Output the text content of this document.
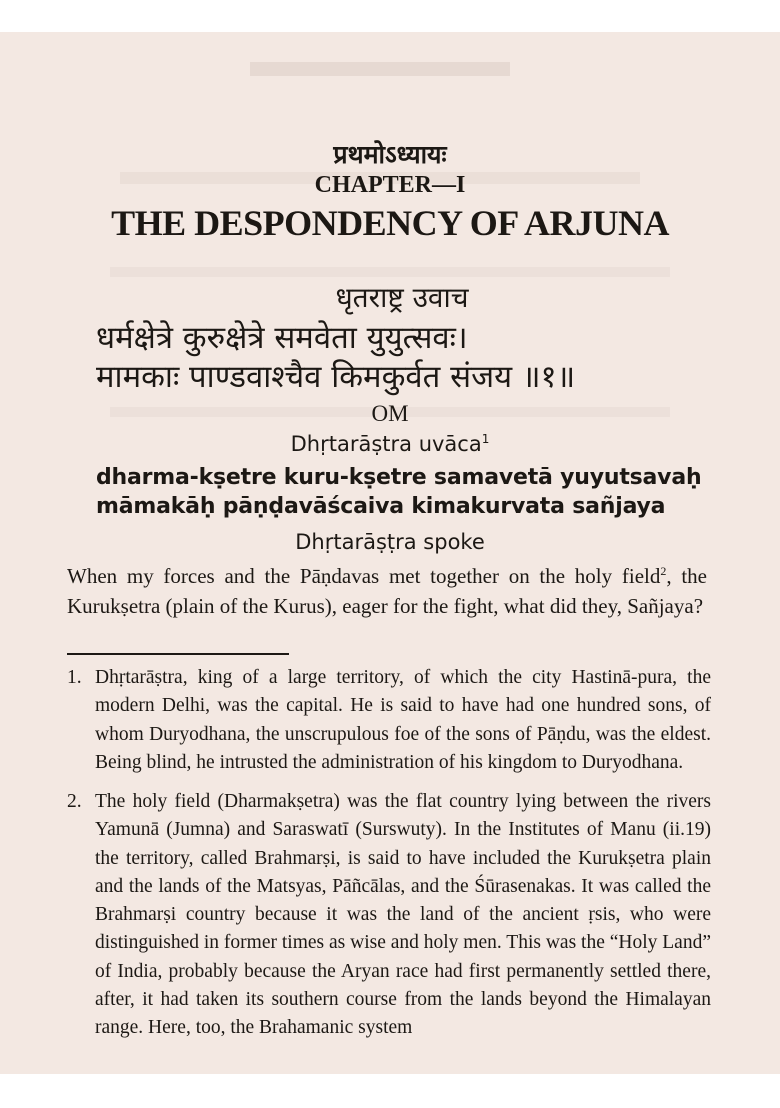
प्रथमोऽध्यायः
CHAPTER—I
THE DESPONDENCY OF ARJUNA
धृतराष्ट्र उवाच
धर्मक्षेत्रे कुरुक्षेत्रे समवेता युयुत्सवः।
मामकाः पाण्डवाश्चैव किमकुर्वत संजय ॥१॥
OM
Dhṛtarāṣtra uvāca$^1$
dharma-kṣetre kuru-kṣetre samavetā yuyutsavaḥ
māmakāḥ pāṇḍavāścaiva kimakurvata sañjaya
Dhṛtarāṣṭra spoke
When my forces and the Pāṇdavas met together on the holy field$^2$, the Kurukṣetra (plain of the Kurus), eager for the fight, what did they, Sañjaya?
1. Dhṛtarāṣtra, king of a large territory, of which the city Hastinā-pura, the modern Delhi, was the capital. He is said to have had one hundred sons, of whom Duryodhana, the unscrupulous foe of the sons of Pāṇdu, was the eldest. Being blind, he intrusted the administration of his kingdom to Duryodhana.
2. The holy field (Dharmakṣetra) was the flat country lying between the rivers Yamunā (Jumna) and Saraswatī (Surswuty). In the Institutes of Manu (ii.19) the territory, called Brahmarṣi, is said to have included the Kurukṣetra plain and the lands of the Matsyas, Pāñcālas, and the Śūrasenakas. It was called the Brahmarṣi country because it was the land of the ancient ṛsis, who were distinguished in former times as wise and holy men. This was the “Holy Land” of India, probably because the Aryan race had first permanently settled there, after, it had taken its southern course from the lands beyond the Himalayan range. Here, too, the Brahamanic system
